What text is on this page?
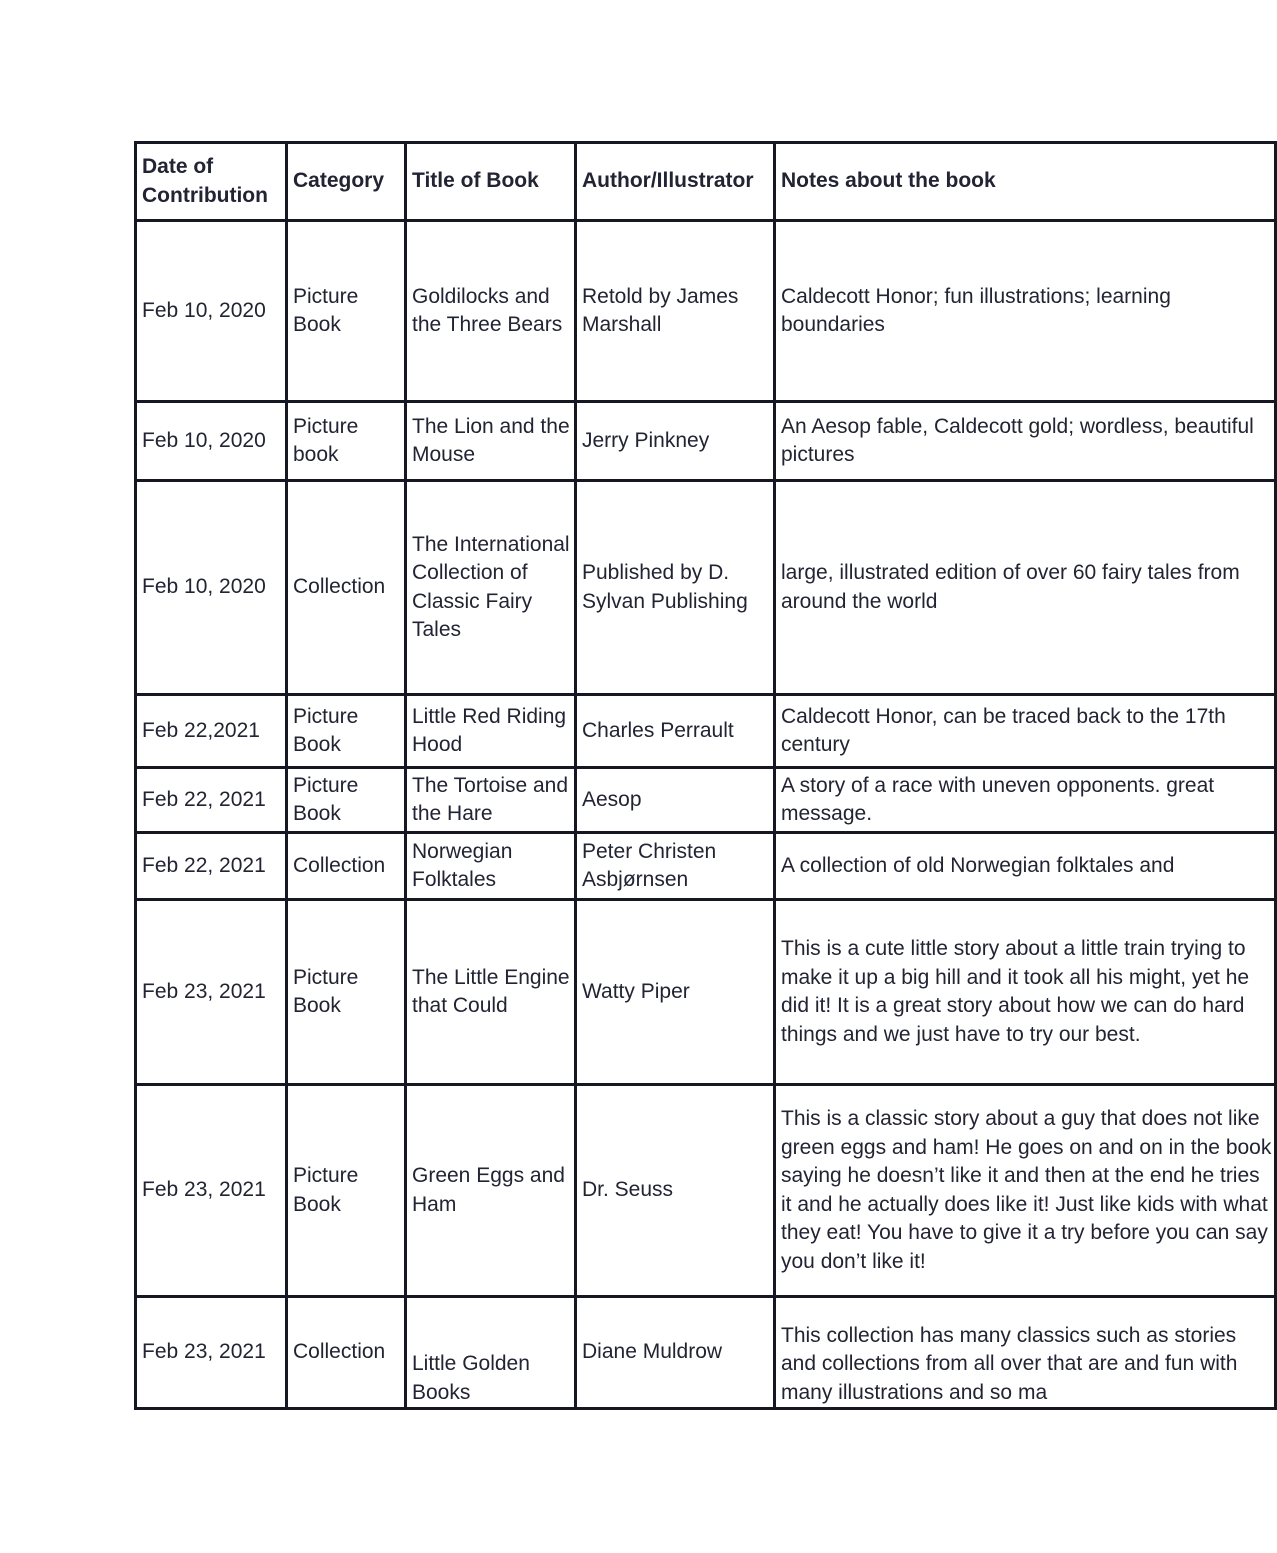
Date of Contribution	Category	Title of Book	Author/Illustrator	Notes about the book
Feb 10, 2020	Picture Book	Goldilocks and the Three Bears	Retold by James Marshall	Caldecott Honor; fun illustrations; learning boundaries
Feb 10, 2020	Picture book	The Lion and the Mouse	Jerry Pinkney	An Aesop fable, Caldecott gold; wordless, beautiful pictures
Feb 10, 2020	Collection	The International Collection of Classic Fairy Tales	Published by D. Sylvan Publishing	large, illustrated edition of over 60 fairy tales from around the world
Feb 22,2021	Picture Book	Little Red Riding Hood	Charles Perrault	Caldecott Honor, can be traced back to the 17th century
Feb 22, 2021	Picture Book	The Tortoise and the Hare	Aesop	A story of a race with uneven opponents. great message.
Feb 22, 2021	Collection	Norwegian Folktales	Peter Christen Asbjørnsen	A collection of old Norwegian folktales and
Feb 23, 2021	Picture Book	The Little Engine that Could	Watty Piper	This is a cute little story about a little train trying to make it up a big hill and it took all his might, yet he did it! It is a great story about how we can do hard things and we just have to try our best.
Feb 23, 2021	Picture Book	Green Eggs and Ham	Dr. Seuss	This is a classic story about a guy that does not like green eggs and ham! He goes on and on in the book saying he doesn’t like it and then at the end he tries it and he actually does like it! Just like kids with what they eat! You have to give it a try before you can say you don’t like it!
Feb 23, 2021	Collection	Little Golden Books	Diane Muldrow	This collection has many classics such as stories and collections from all over that are and fun with many illustrations and so ma
